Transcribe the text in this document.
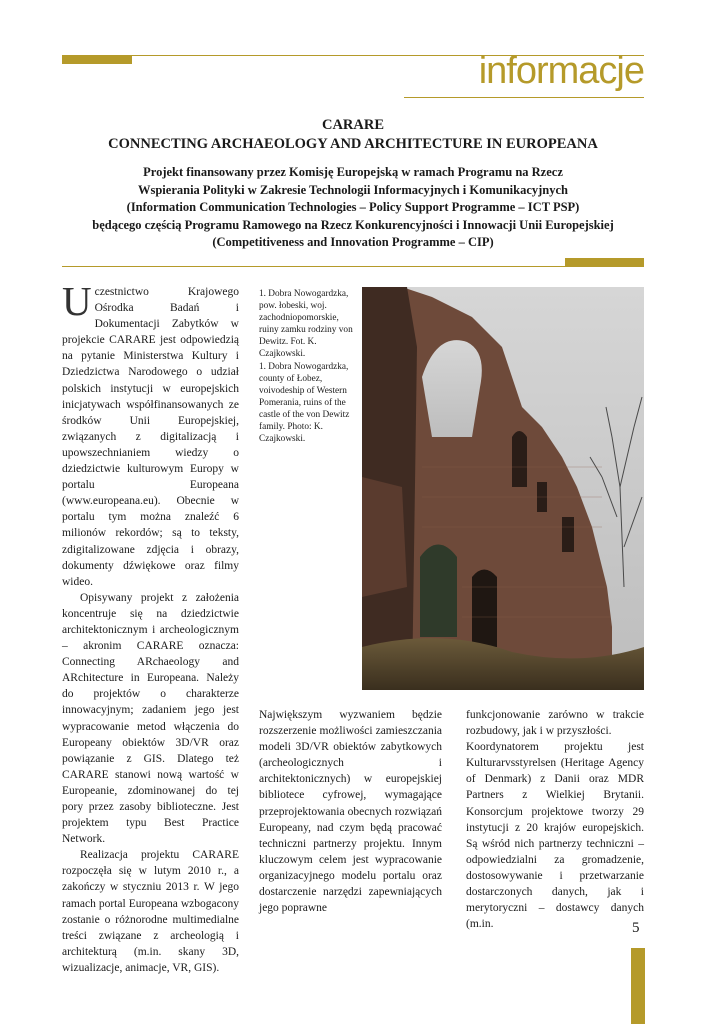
informacje
CARARE
CONNECTING ARCHAEOLOGY AND ARCHITECTURE IN EUROPEANA
Projekt finansowany przez Komisję Europejską w ramach Programu na Rzecz
Wspierania Polityki w Zakresie Technologii Informacyjnych i Komunikacyjnych
(Information Communication Technologies – Policy Support Programme – ICT PSP)
będącego częścią Programu Ramowego na Rzecz Konkurencyjności i Innowacji Unii Europejskiej
(Competitiveness and Innovation Programme – CIP)

Uczestnictwo Krajowego Ośrodka Badań i Dokumentacji Zabytków w projekcie CARARE jest odpowiedzią na pytanie Ministerstwa Kultury i Dziedzictwa Narodowego o udział polskich instytucji w europejskich inicjatywach współfinansowanych ze środków Unii Europejskiej, związanych z digitalizacją i upowszechnianiem wiedzy o dziedzictwie kulturowym Europy w portalu Europeana (www.europeana.eu). Obecnie w portalu tym można znaleźć 6 milionów rekordów; są to teksty, zdigitalizowane zdjęcia i obrazy, dokumenty dźwiękowe oraz filmy wideo.

Opisywany projekt z założenia koncentruje się na dziedzictwie architektonicznym i archeologicznym – akronim CARARE oznacza: Connecting ARchaeology and ARchitecture in Europeana. Należy do projektów o charakterze innowacyjnym; zadaniem jego jest wypracowanie metod włączenia do Europeany obiektów 3D/VR oraz powiązanie z GIS. Dlatego też CARARE stanowi nową wartość w Europeanie, zdominowanej do tej pory przez zasoby biblioteczne. Jest projektem typu Best Practice Network.

Realizacja projektu CARARE rozpoczęła się w lutym 2010 r., a zakończy w styczniu 2013 r. W jego ramach portal Europeana wzbogacony zostanie o różnorodne multimedialne treści związane z archeologią i architekturą (m.in. skany 3D, wizualizacje, animacje, VR, GIS).

1. Dobra Nowogardzka, pow. łobeski, woj. zachodniopomorskie, ruiny zamku rodziny von Dewitz. Fot. K. Czajkowski.

1. Dobra Nowogardzka, county of Łobez, voivodeship of Western Pomerania, ruins of the castle of the von Dewitz family. Photo: K. Czajkowski.

Największym wyzwaniem będzie rozszerzenie możliwości zamieszczania modeli 3D/VR obiektów zabytkowych (archeologicznych i architektonicznych) w europejskiej bibliotece cyfrowej, wymagające przeprojektowania obecnych rozwiązań Europeany, nad czym będą pracować techniczni partnerzy projektu. Innym kluczowym celem jest wypracowanie organizacyjnego modelu portalu oraz dostarczenie narzędzi zapewniających jego poprawne

funkcjonowanie zarówno w trakcie rozbudowy, jak i w przyszłości.

Koordynatorem projektu jest Kulturarvsstyrelsen (Heritage Agency of Denmark) z Danii oraz MDR Partners z Wielkiej Brytanii. Konsorcjum projektowe tworzy 29 instytucji z 20 krajów europejskich. Są wśród nich partnerzy techniczni – odpowiedzialni za gromadzenie, dostosowywanie i przetwarzanie dostarczonych danych, jak i merytoryczni – dostawcy danych (m.in.	5
